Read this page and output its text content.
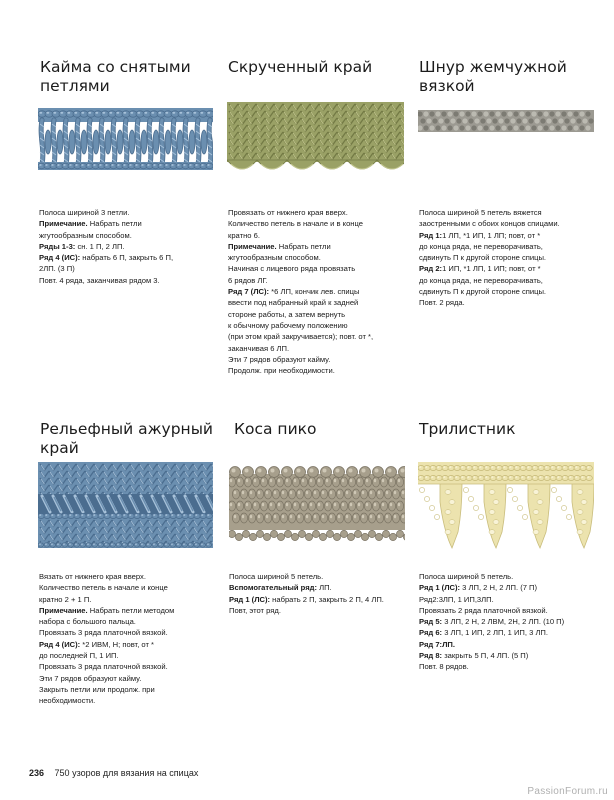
Кайма со снятыми
петлями
Полоса шириной 3 петли.
Примечание. Набрать петли
жгутообразным способом.
Ряды 1-3: сн. 1 П, 2 ЛП.
Ряд 4 (ИС): набрать 6 П, закрыть 6 П,
2ЛП. (3 П)
Повт. 4 ряда, заканчивая рядом 3.
Скрученный край
Провязать от нижнего края вверх.
Количество петель в начале и в конце
кратно 6.
Примечание. Набрать петли
жгутообразным способом.
Начиная с лицевого ряда провязать
6 рядов ЛГ.
Ряд 7 (ЛС): *6 ЛП, кончик лев. спицы
ввести под набранный край к задней
стороне работы, а затем вернуть
к обычному рабочему положению
(при этом край закручивается); повт. от *,
заканчивая 6 ЛП.
Эти 7 рядов образуют кайму.
Продолж. при необходимости.
Шнур жемчужной
вязкой
Полоса шириной 5 петель вяжется
заостренными с обоих концов спицами.
Ряд 1:1 ЛП, *1 ИП, 1 ЛП; повт, от *
до конца ряда, не переворачивать,
сдвинуть П к другой стороне спицы.
Ряд 2:1 ИП, *1 ЛП, 1 ИП; повт, от *
до конца ряда, не переворачивать,
сдвинуть П к другой стороне спицы.
Повт. 2 ряда.
Рельефный ажурный
край
Вязать от нижнего края вверх.
Количество петель в начале и конце
кратно 2 + 1 П.
Примечание. Набрать петли методом
набора с большого пальца.
Провязать 3 ряда платочной вязкой.
Ряд 4 (ИС): *2 ИВМ, Н; повт, от *
до последней П, 1 ИП.
Провязать 3 ряда платочной вязкой.
Эти 7 рядов образуют кайму.
Закрыть петли или продолж. при
необходимости.
Коса пико
Полоса шириной 5 петель.
Вспомогательный ряд: ЛП.
Ряд 1 (ЛС): набрать 2 П, закрыть 2 П, 4 ЛП.
Повт, этот ряд.
Трилистник
Полоса шириной 5 петель.
Ряд 1 (ЛС): 3 ЛП, 2 Н, 2 ЛП. (7 П)
Ряд2:3ЛП, 1 ИП,3ЛП.
Провязать 2 ряда платочной вязкой.
Ряд 5: 3 ЛП, 2 Н, 2 ЛВМ, 2Н, 2 ЛП. (10 П)
Ряд 6: 3 ЛП, 1 ИП, 2 ЛП, 1 ИП, 3 ЛП.
Ряд 7:ЛП.
Ряд 8: закрыть 5 П, 4 ЛП. (5 П)
Повт. 8 рядов.
236 750 узоров для вязания на спицах
PassionForum.ru
